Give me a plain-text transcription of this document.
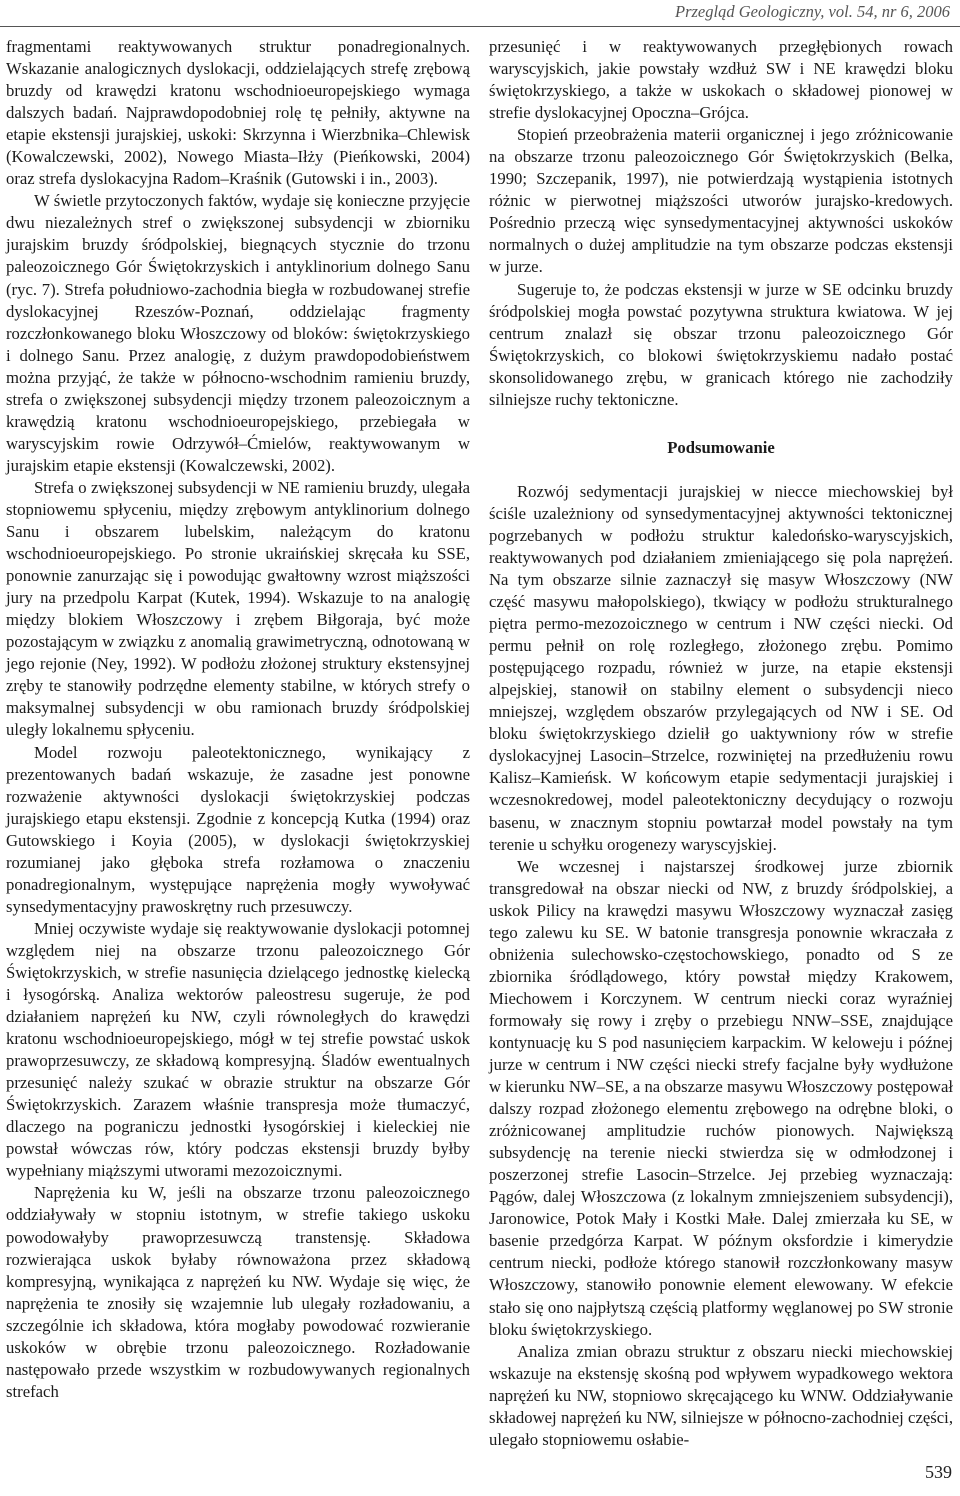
Przegląd Geologiczny, vol. 54, nr 6, 2006

fragmentami reaktywowanych struktur ponadregionalnych. Wskazanie analogicznych dyslokacji, oddzielających strefę zrębową bruzdy od krawędzi kratonu wschodnioeuropejskiego wymaga dalszych badań. Najprawdopodobniej rolę tę pełniły, aktywne na etapie ekstensji jurajskiej, uskoki: Skrzynna i Wierzbnika–Chlewisk (Kowalczewski, 2002), Nowego Miasta–Iłży (Pieńkowski, 2004) oraz strefa dyslokacyjna Radom–Kraśnik (Gutowski i in., 2003).

W świetle przytoczonych faktów, wydaje się konieczne przyjęcie dwu niezależnych stref o zwiększonej subsydencji w zbiorniku jurajskim bruzdy śródpolskiej, biegnących stycznie do trzonu paleozoicznego Gór Świętokrzyskich i antyklinorium dolnego Sanu (ryc. 7). Strefa południowo-zachodnia biegła w rozbudowanej strefie dyslokacyjnej Rzeszów-Poznań, oddzielając fragmenty rozczłonkowanego bloku Włoszczowy od bloków: świętokrzyskiego i dolnego Sanu. Przez analogię, z dużym prawdopodobieństwem można przyjąć, że także w północno-wschodnim ramieniu bruzdy, strefa o zwiększonej subsydencji między trzonem paleozoicznym a krawędzią kratonu wschodnioeuropejskiego, przebiegała w waryscyjskim rowie Odrzywół–Ćmielów, reaktywowanym w jurajskim etapie ekstensji (Kowalczewski, 2002).

Strefa o zwiększonej subsydencji w NE ramieniu bruzdy, ulegała stopniowemu spłyceniu, między zrębowym antyklinorium dolnego Sanu i obszarem lubelskim, należącym do kratonu wschodnioeuropejskiego. Po stronie ukraińskiej skręcała ku SSE, ponownie zanurzając się i powodując gwałtowny wzrost miąższości jury na przedpolu Karpat (Kutek, 1994). Wskazuje to na analogię między blokiem Włoszczowy i zrębem Biłgoraja, być może pozostającym w związku z anomalią grawimetryczną, odnotowaną w jego rejonie (Ney, 1992). W podłożu złożonej struktury ekstensyjnej zręby te stanowiły podrzędne elementy stabilne, w których strefy o maksymalnej subsydencji w obu ramionach bruzdy śródpolskiej uległy lokalnemu spłyceniu.

Model rozwoju paleotektonicznego, wynikający z prezentowanych badań wskazuje, że zasadne jest ponowne rozważenie aktywności dyslokacji świętokrzyskiej podczas jurajskiego etapu ekstensji. Zgodnie z koncepcją Kutka (1994) oraz Gutowskiego i Koyia (2005), w dyslokacji świętokrzyskiej rozumianej jako głęboka strefa rozłamowa o znaczeniu ponadregionalnym, występujące naprężenia mogły wywoływać synsedymentacyjny prawoskrętny ruch przesuwczy.

Mniej oczywiste wydaje się reaktywowanie dyslokacji potomnej względem niej na obszarze trzonu paleozoicznego Gór Świętokrzyskich, w strefie nasunięcia dzielącego jednostkę kielecką i łysogórską. Analiza wektorów paleostresu sugeruje, że pod działaniem naprężeń ku NW, czyli równoległych do krawędzi kratonu wschodnioeuropejskiego, mógł w tej strefie powstać uskok prawoprzesuwczy, ze składową kompresyjną. Śladów ewentualnych przesunięć należy szukać w obrazie struktur na obszarze Gór Świętokrzyskich. Zarazem właśnie transpresja może tłumaczyć, dlaczego na pograniczu jednostki łysogórskiej i kieleckiej nie powstał wówczas rów, który podczas ekstensji bruzdy byłby wypełniany miąższymi utworami mezozoicznymi.

Naprężenia ku W, jeśli na obszarze trzonu paleozoicznego oddziaływały w stopniu istotnym, w strefie takiego uskoku powodowałyby prawoprzesuwczą transtensję. Składowa rozwierająca uskok byłaby równoważona przez składową kompresyjną, wynikająca z naprężeń ku NW. Wydaje się więc, że naprężenia te znosiły się wzajemnie lub ulegały rozładowaniu, a szczególnie ich składowa, która mogłaby powodować rozwieranie uskoków w obrębie trzonu paleozoicznego. Rozładowanie następowało przede wszystkim w rozbudowywanych regionalnych strefach

przesunięć i w reaktywowanych przegłębionych rowach waryscyjskich, jakie powstały wzdłuż SW i NE krawędzi bloku świętokrzyskiego, a także w uskokach o składowej pionowej w strefie dyslokacyjnej Opoczna–Grójca.

Stopień przeobrażenia materii organicznej i jego zróżnicowanie na obszarze trzonu paleozoicznego Gór Świętokrzyskich (Belka, 1990; Szczepanik, 1997), nie potwierdzają wystąpienia istotnych różnic w pierwotnej miąższości utworów jurajsko-kredowych. Pośrednio przeczą więc synsedymentacyjnej aktywności uskoków normalnych o dużej amplitudzie na tym obszarze podczas ekstensji w jurze.

Sugeruje to, że podczas ekstensji w jurze w SE odcinku bruzdy śródpolskiej mogła powstać pozytywna struktura kwiatowa. W jej centrum znalazł się obszar trzonu paleozoicznego Gór Świętokrzyskich, co blokowi świętokrzyskiemu nadało postać skonsolidowanego zrębu, w granicach którego nie zachodziły silniejsze ruchy tektoniczne.

Podsumowanie

Rozwój sedymentacji jurajskiej w niecce miechowskiej był ściśle uzależniony od synsedymentacyjnej aktywności tektonicznej pogrzebanych w podłożu struktur kaledońsko-waryscyjskich, reaktywowanych pod działaniem zmieniającego się pola naprężeń. Na tym obszarze silnie zaznaczył się masyw Włoszczowy (NW część masywu małopolskiego), tkwiący w podłożu strukturalnego piętra permo-mezozoicznego w centrum i NW części niecki. Od permu pełnił on rolę rozległego, złożonego zrębu. Pomimo postępującego rozpadu, również w jurze, na etapie ekstensji alpejskiej, stanowił on stabilny element o subsydencji nieco mniejszej, względem obszarów przylegających od NW i SE. Od bloku świętokrzyskiego dzielił go uaktywniony rów w strefie dyslokacyjnej Lasocin–Strzelce, rozwiniętej na przedłużeniu rowu Kalisz–Kamieńsk. W końcowym etapie sedymentacji jurajskiej i wczesnokredowej, model paleotektoniczny decydujący o rozwoju basenu, w znacznym stopniu powtarzał model powstały na tym terenie u schyłku orogenezy waryscyjskiej.

We wczesnej i najstarszej środkowej jurze zbiornik transgredował na obszar niecki od NW, z bruzdy śródpolskiej, a uskok Pilicy na krawędzi masywu Włoszczowy wyznaczał zasięg tego zalewu ku SE. W batonie transgresja ponownie wkraczała z obniżenia sulechowsko-częstochowskiego, ponadto od S ze zbiornika śródlądowego, który powstał między Krakowem, Miechowem i Korczynem. W centrum niecki coraz wyraźniej formowały się rowy i zręby o przebiegu NNW–SSE, znajdujące kontynuację ku S pod nasunięciem karpackim. W keloweju i późnej jurze w centrum i NW części niecki strefy facjalne były wydłużone w kierunku NW–SE, a na obszarze masywu Włoszczowy postępował dalszy rozpad złożonego elementu zrębowego na odrębne bloki, o zróżnicowanej amplitudzie ruchów pionowych. Największą subsydencję na terenie niecki stwierdza się w odmłodzonej i poszerzonej strefie Lasocin–Strzelce. Jej przebieg wyznaczają: Pągów, dalej Włoszczowa (z lokalnym zmniejszeniem subsydencji), Jaronowice, Potok Mały i Kostki Małe. Dalej zmierzała ku SE, w basenie przedgórza Karpat. W późnym oksfordzie i kimerydzie centrum niecki, podłoże którego stanowił rozczłonkowany masyw Włoszczowy, stanowiło ponownie element elewowany. W efekcie stało się ono najpłytszą częścią platformy węglanowej po SW stronie bloku świętokrzyskiego.

Analiza zmian obrazu struktur z obszaru niecki miechowskiej wskazuje na ekstensję skośną pod wpływem wypadkowego wektora naprężeń ku NW, stopniowo skręcającego ku WNW. Oddziaływanie składowej naprężeń ku NW, silniejsze w północno-zachodniej części, ulegało stopniowemu osłabie-

539
